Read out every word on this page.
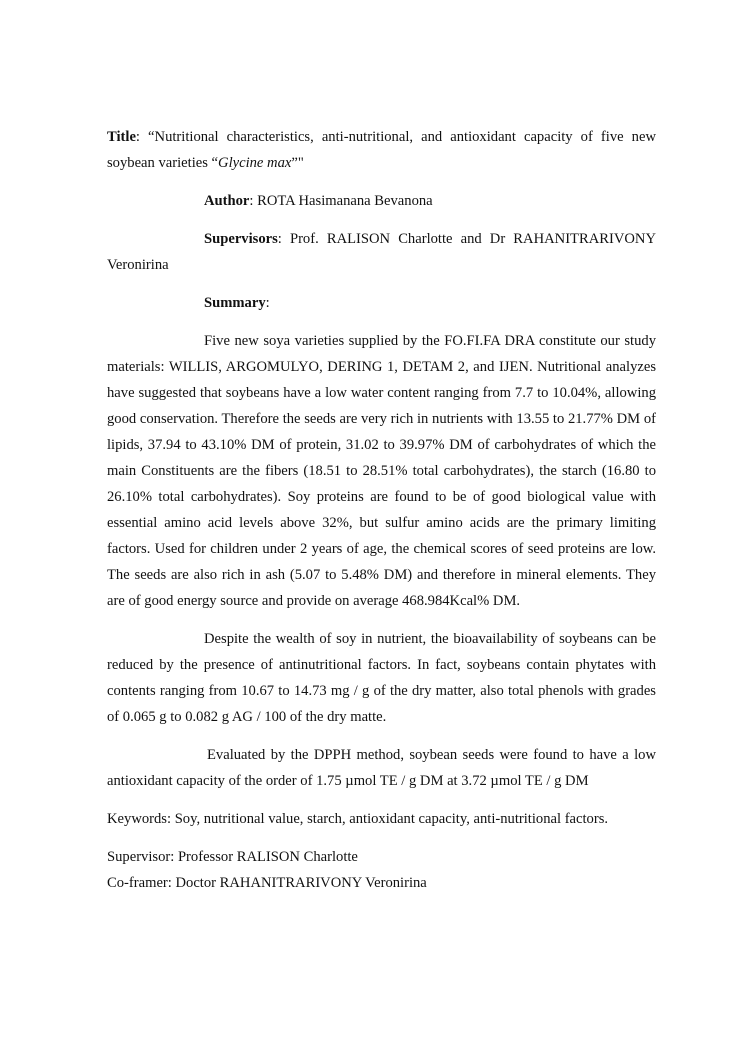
Title: “Nutritional characteristics, anti-nutritional, and antioxidant capacity of five new soybean varieties “Glycine max”"

Author: ROTA Hasimanana Bevanona

Supervisors: Prof. RALISON Charlotte and Dr RAHANITRARIVONY Veronirina

Summary:

Five new soya varieties supplied by the FO.FI.FA DRA constitute our study materials: WILLIS, ARGOMULYO, DERING 1, DETAM 2, and IJEN. Nutritional analyzes have suggested that soybeans have a low water content ranging from 7.7 to 10.04%, allowing good conservation. Therefore the seeds are very rich in nutrients with 13.55 to 21.77% DM of lipids, 37.94 to 43.10% DM of protein, 31.02 to 39.97% DM of carbohydrates of which the main Constituents are the fibers (18.51 to 28.51% total carbohydrates), the starch (16.80 to 26.10% total carbohydrates). Soy proteins are found to be of good biological value with essential amino acid levels above 32%, but sulfur amino acids are the primary limiting factors. Used for children under 2 years of age, the chemical scores of seed proteins are low. The seeds are also rich in ash (5.07 to 5.48% DM) and therefore in mineral elements. They are of good energy source and provide on average 468.984Kcal% DM.

Despite the wealth of soy in nutrient, the bioavailability of soybeans can be reduced by the presence of antinutritional factors. In fact, soybeans contain phytates with contents ranging from 10.67 to 14.73 mg / g of the dry matter, also total phenols with grades of 0.065 g to 0.082 g AG / 100 of the dry matte.

Evaluated by the DPPH method, soybean seeds were found to have a low antioxidant capacity of the order of 1.75 µmol TE / g DM at 3.72 µmol TE / g DM

Keywords: Soy, nutritional value, starch, antioxidant capacity, anti-nutritional factors.

Supervisor: Professor RALISON Charlotte

Co-framer: Doctor RAHANITRARIVONY Veronirina
